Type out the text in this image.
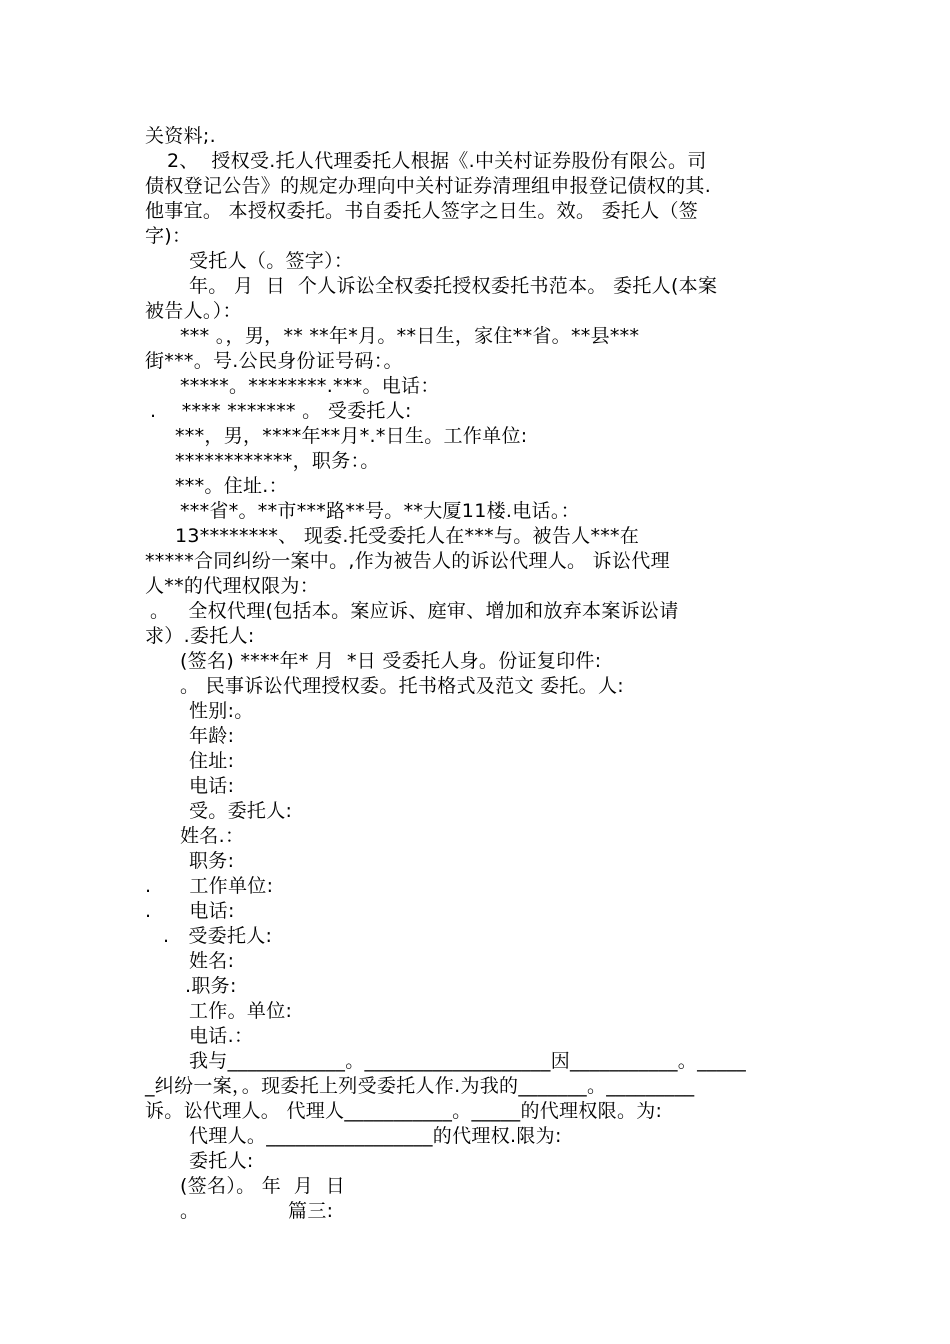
关资料;.
2、  授权受.托人代理委托人根据《.中关村证券股份有限公。司
债权登记公告》的规定办理向中关村证券清理组申报登记债权的其.
他事宜。 本授权委托。书自委托人签字之日生。效。 委托人（签
字)：
受托人（。签字）：
年。 月  日  个人诉讼全权委托授权委托书范本。 委托人(本案
被告人。）：
*** 。，男，** **年*月。**日生，家住**省。**县***
街***。号.公民身份证号码：。
*****。********.***。电话：
.    **** ******* 。 受委托人:
***，男，****年**月*.*日生。工作单位:
************，职务：。
***。住址.：
***省*。**市***路**号。**大厦11楼.电话。：
13********、 现委.托受委托人在***与。被告人***在
*****合同纠纷一案中。,作为被告人的诉讼代理人。 诉讼代理
人**的代理权限为：
。   全权代理(包括本。案应诉、庭审、增加和放弃本案诉讼请
求）.委托人:
(签名) ****年* 月  *日 受委托人身。份证复印件:
。 民事诉讼代理授权委。托书格式及范文 委托。人:
性别:。
年龄:
住址:
电话:
受。委托人:
姓名.：
职务:
.      工作单位:
.      电话:
.   受委托人:
姓名:
.职务:
工作。单位:
电话.：
我与____________。___________________因___________。_____
_纠纷一案，。现委托上列受委托人作.为我的_______。_________
诉。讼代理人。 代理人___________。_____的代理权限。为:
代理人。_________________的代理权.限为:
委托人:
(签名）。 年  月  日
。              篇三:
